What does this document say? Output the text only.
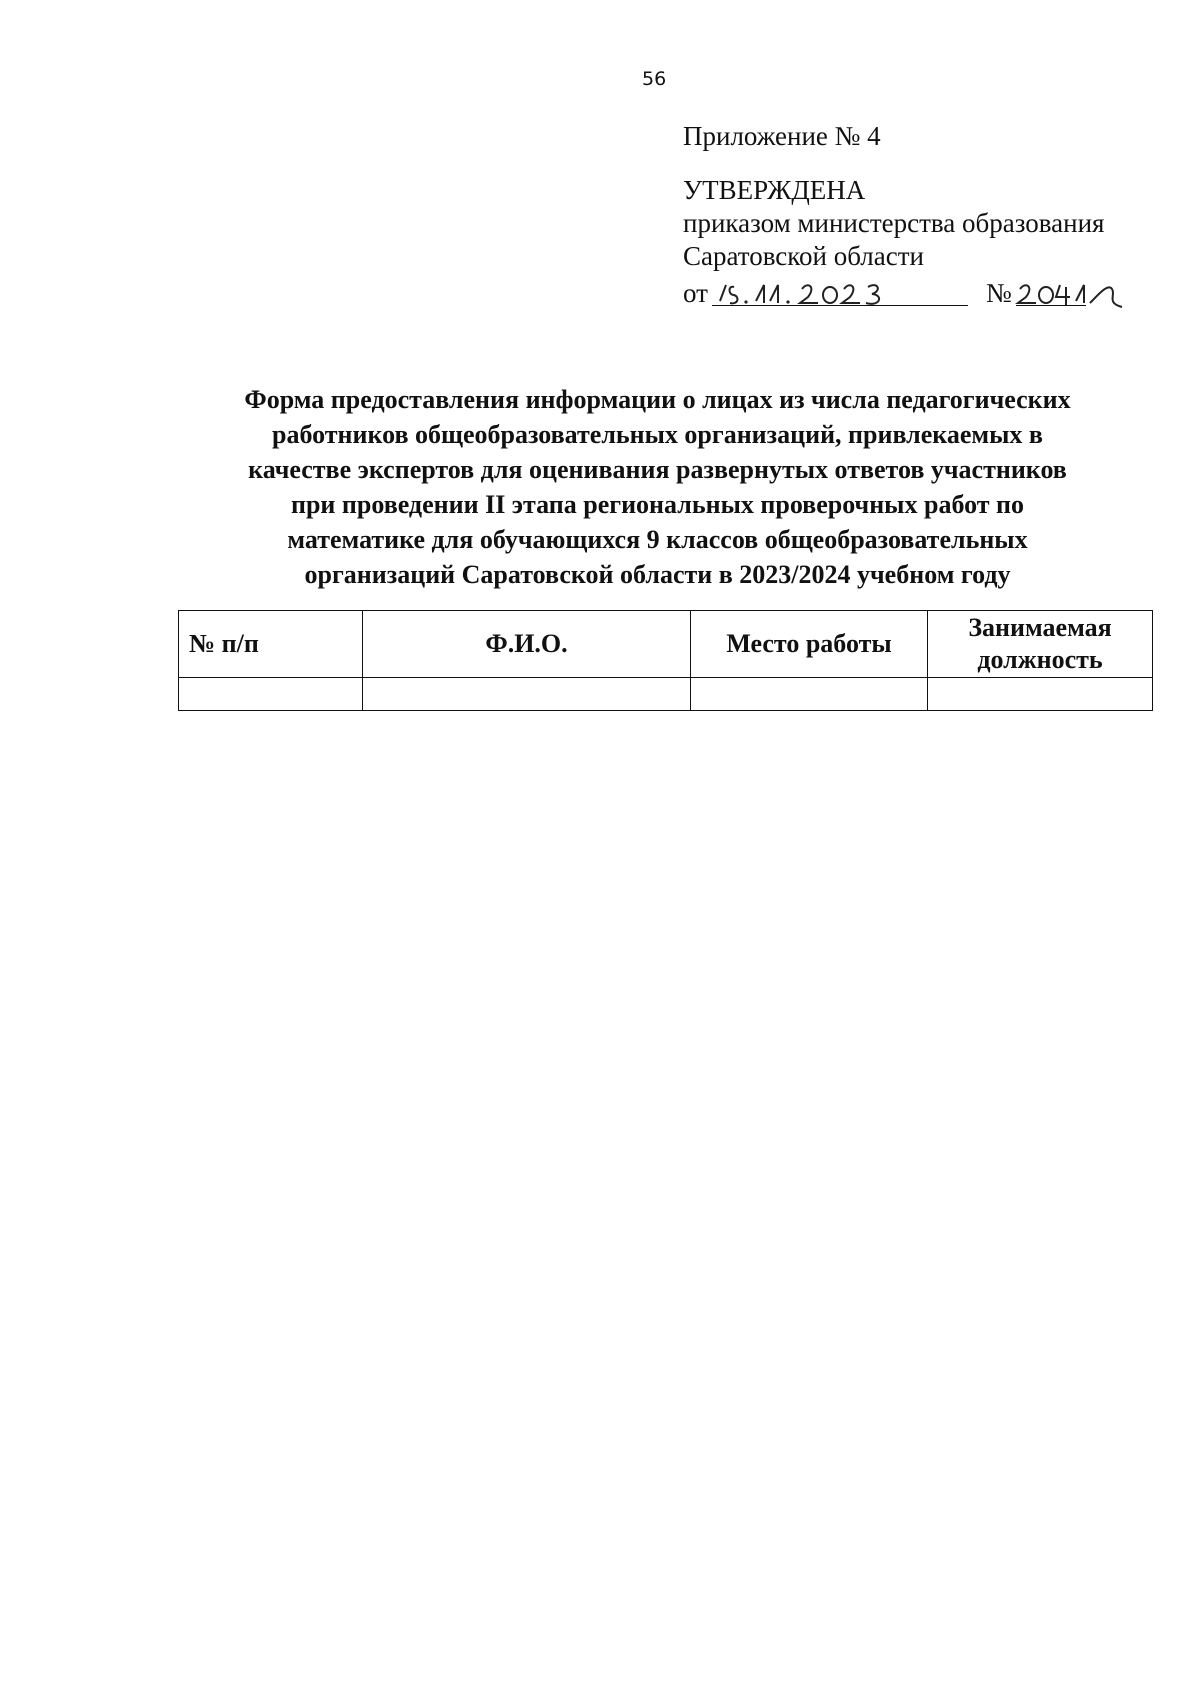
56
Приложение № 4
УТВЕРЖДЕНА
приказом министерства образования
Саратовской области
от	№
Форма предоставления информации о лицах из числа педагогических
работников общеобразовательных организаций, привлекаемых в
качестве экспертов для оценивания развернутых ответов участников
при проведении II этапа региональных проверочных работ по
математике для обучающихся 9 классов общеобразовательных
организаций Саратовской области в 2023/2024 учебном году
№ п/п	Ф.И.О.	Место работы	Занимаемая должность
